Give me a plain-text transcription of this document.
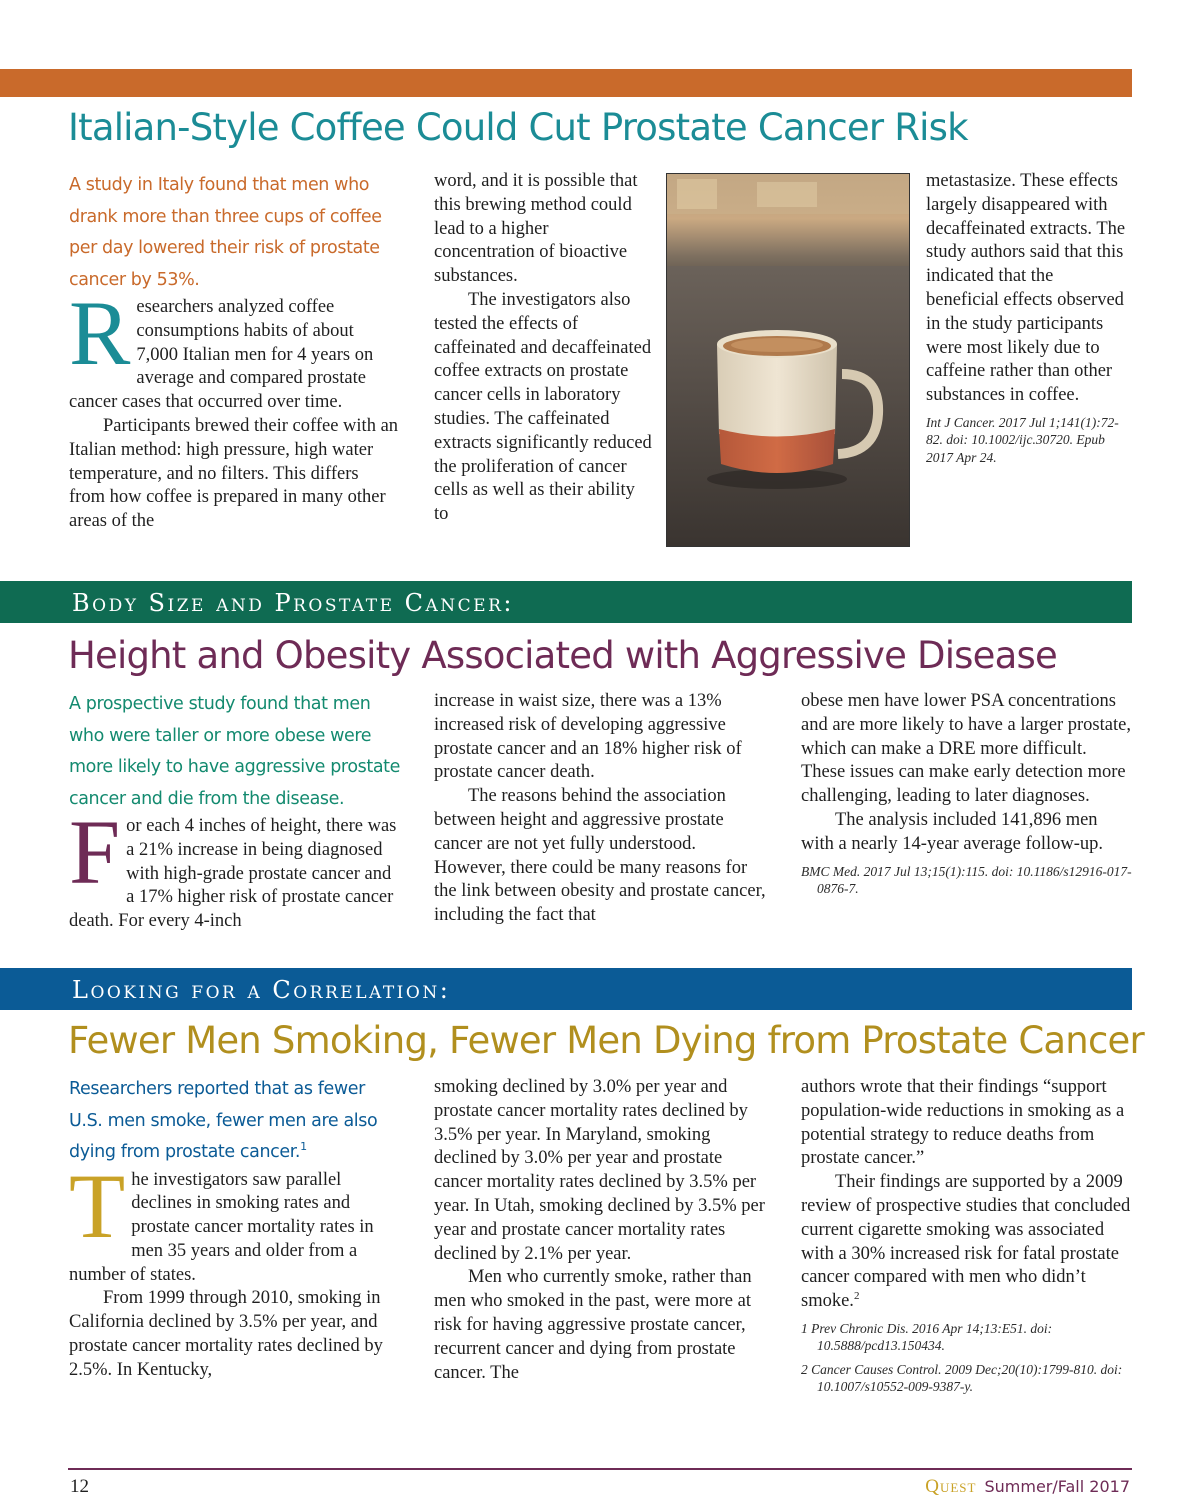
Italian-Style Coffee Could Cut Prostate Cancer Risk

A study in Italy found that men who drank more than three cups of coffee per day lowered their risk of prostate cancer by 53%.

Researchers analyzed coffee consumptions habits of about 7,000 Italian men for 4 years on average and compared prostate cancer cases that occurred over time.

Participants brewed their coffee with an Italian method: high pressure, high water temperature, and no filters. This differs from how coffee is prepared in many other areas of the

word, and it is possible that this brewing method could lead to a higher concentration of bioactive substances.

The investigators also tested the effects of caffeinated and decaffeinated coffee extracts on prostate cancer cells in laboratory studies. The caffeinated extracts significantly reduced the proliferation of cancer cells as well as their ability to

metastasize. These effects largely disappeared with decaffeinated extracts. The study authors said that this indicated that the beneficial effects observed in the study participants were most likely due to caffeine rather than other substances in coffee.

Int J Cancer. 2017 Jul 1;141(1):72-82. doi: 10.1002/ijc.30720. Epub 2017 Apr 24.
Body Size and Prostate Cancer:
Height and Obesity Associated with Aggressive Disease

A prospective study found that men who were taller or more obese were more likely to have aggressive prostate cancer and die from the disease.

For each 4 inches of height, there was a 21% increase in being diagnosed with high-grade prostate cancer and a 17% higher risk of prostate cancer death. For every 4-inch

increase in waist size, there was a 13% increased risk of developing aggressive prostate cancer and an 18% higher risk of prostate cancer death.

The reasons behind the association between height and aggressive prostate cancer are not yet fully understood. However, there could be many reasons for the link between obesity and prostate cancer, including the fact that

obese men have lower PSA concentrations and are more likely to have a larger prostate, which can make a DRE more difficult. These issues can make early detection more challenging, leading to later diagnoses.

The analysis included 141,896 men with a nearly 14-year average follow-up.

BMC Med. 2017 Jul 13;15(1):115. doi: 10.1186/s12916-017-0876-7.
Looking for a Correlation:
Fewer Men Smoking, Fewer Men Dying from Prostate Cancer

Researchers reported that as fewer U.S. men smoke, fewer men are also dying from prostate cancer.$^1$

The investigators saw parallel declines in smoking rates and prostate cancer mortality rates in men 35 years and older from a number of states.

From 1999 through 2010, smoking in California declined by 3.5% per year, and prostate cancer mortality rates declined by 2.5%. In Kentucky,

smoking declined by 3.0% per year and prostate cancer mortality rates declined by 3.5% per year. In Maryland, smoking declined by 3.0% per year and prostate cancer mortality rates declined by 3.5% per year. In Utah, smoking declined by 3.5% per year and prostate cancer mortality rates declined by 2.1% per year.

Men who currently smoke, rather than men who smoked in the past, were more at risk for having aggressive prostate cancer, recurrent cancer and dying from prostate cancer. The

authors wrote that their findings “support population-wide reductions in smoking as a potential strategy to reduce deaths from prostate cancer.”

Their findings are supported by a 2009 review of prospective studies that concluded current cigarette smoking was associated with a 30% increased risk for fatal prostate cancer compared with men who didn’t smoke.$^2$

1 Prev Chronic Dis. 2016 Apr 14;13:E51. doi: 10.5888/pcd13.150434.
2 Cancer Causes Control. 2009 Dec;20(10):1799-810. doi: 10.1007/s10552-009-9387-y.
12	Quest Summer/Fall 2017
